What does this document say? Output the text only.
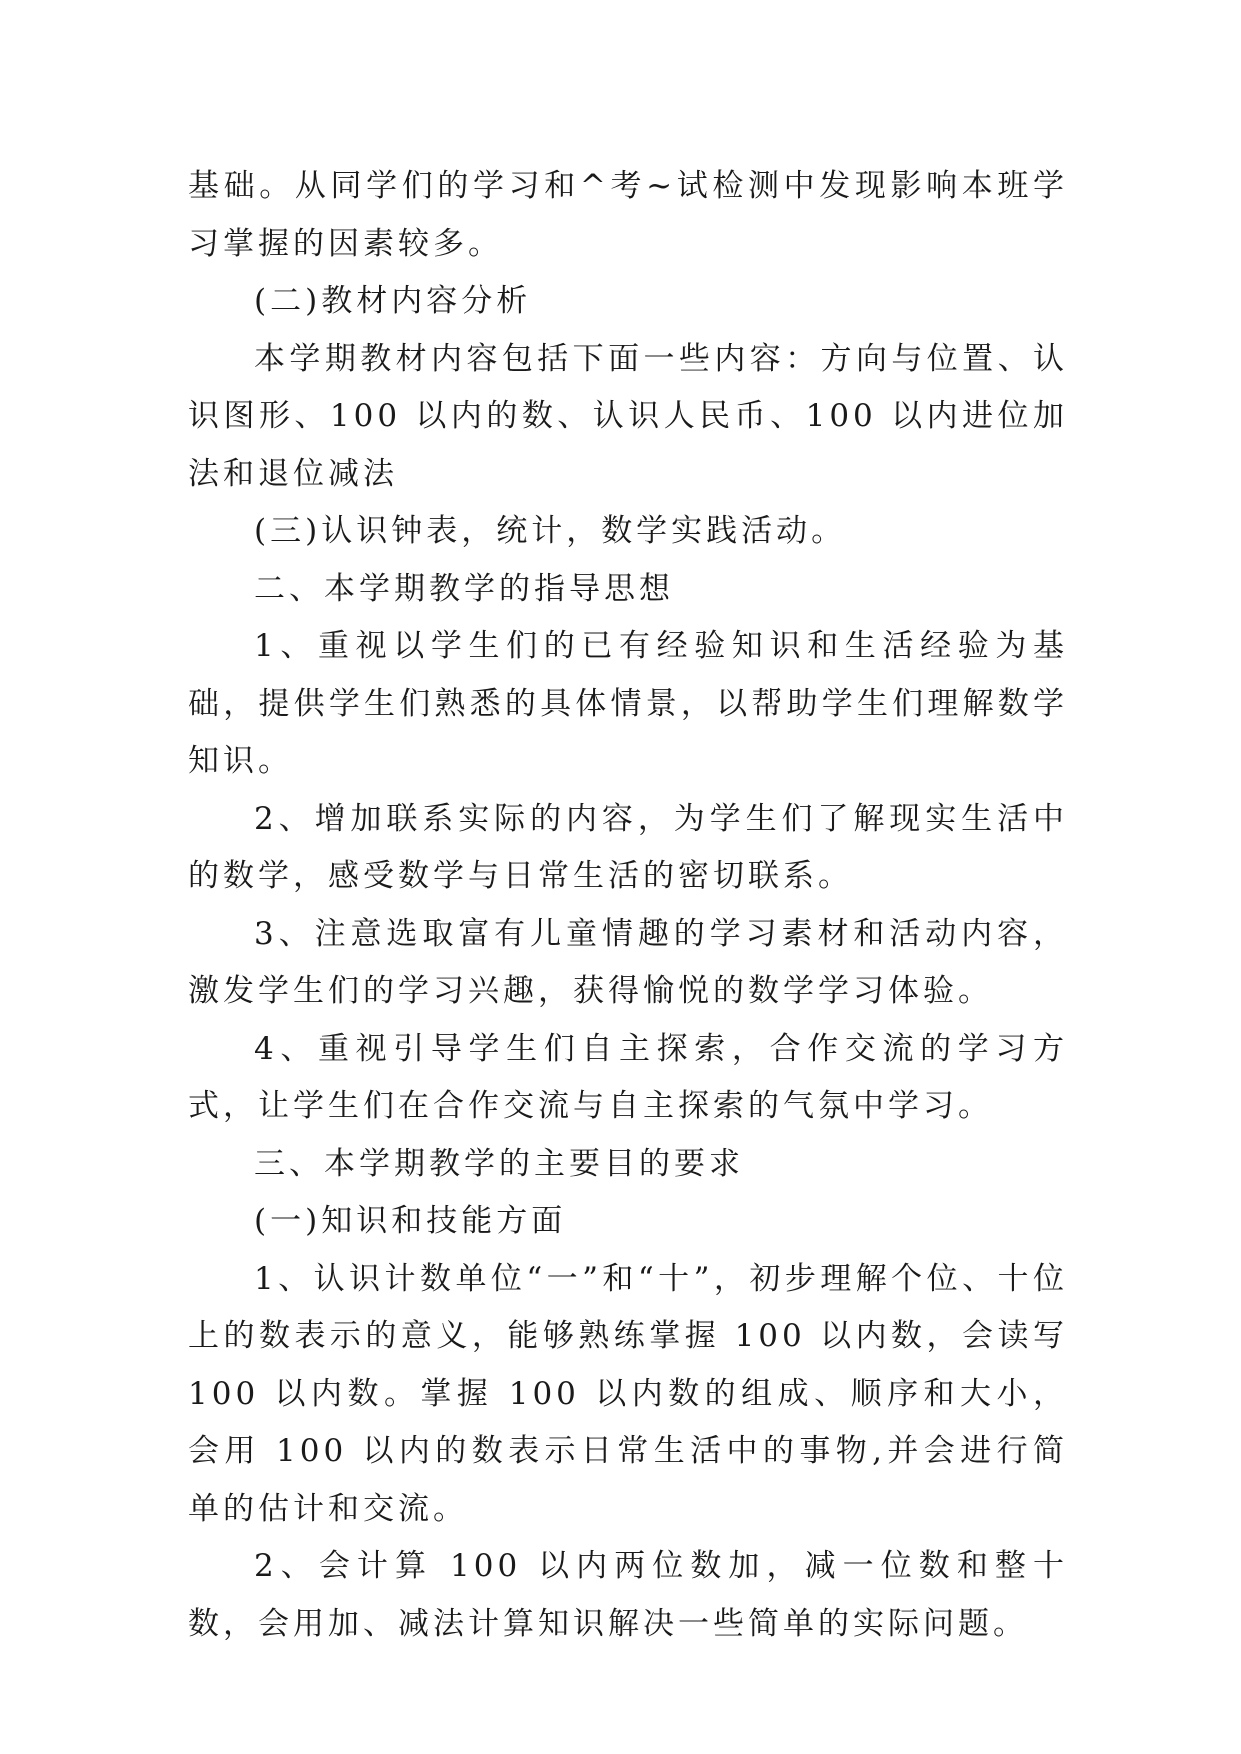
基础。从同学们的学习和^考~试检测中发现影响本班学习掌握的因素较多。

(二)教材内容分析

本学期教材内容包括下面一些内容：方向与位置、认识图形、100 以内的数、认识人民币、100 以内进位加法和退位减法

(三)认识钟表，统计，数学实践活动。

二、本学期教学的指导思想

1、重视以学生们的已有经验知识和生活经验为基础，提供学生们熟悉的具体情景，以帮助学生们理解数学知识。

2、增加联系实际的内容，为学生们了解现实生活中的数学，感受数学与日常生活的密切联系。

3、注意选取富有儿童情趣的学习素材和活动内容，激发学生们的学习兴趣，获得愉悦的数学学习体验。

4、重视引导学生们自主探索，合作交流的学习方式，让学生们在合作交流与自主探索的气氛中学习。

三、本学期教学的主要目的要求

(一)知识和技能方面

1、认识计数单位“一”和“十”，初步理解个位、十位上的数表示的意义，能够熟练掌握 100 以内数，会读写 100 以内数。掌握 100 以内数的组成、顺序和大小，会用 100 以内的数表示日常生活中的事物,并会进行简单的估计和交流。

2、会计算 100 以内两位数加，减一位数和整十数，会用加、减法计算知识解决一些简单的实际问题。
